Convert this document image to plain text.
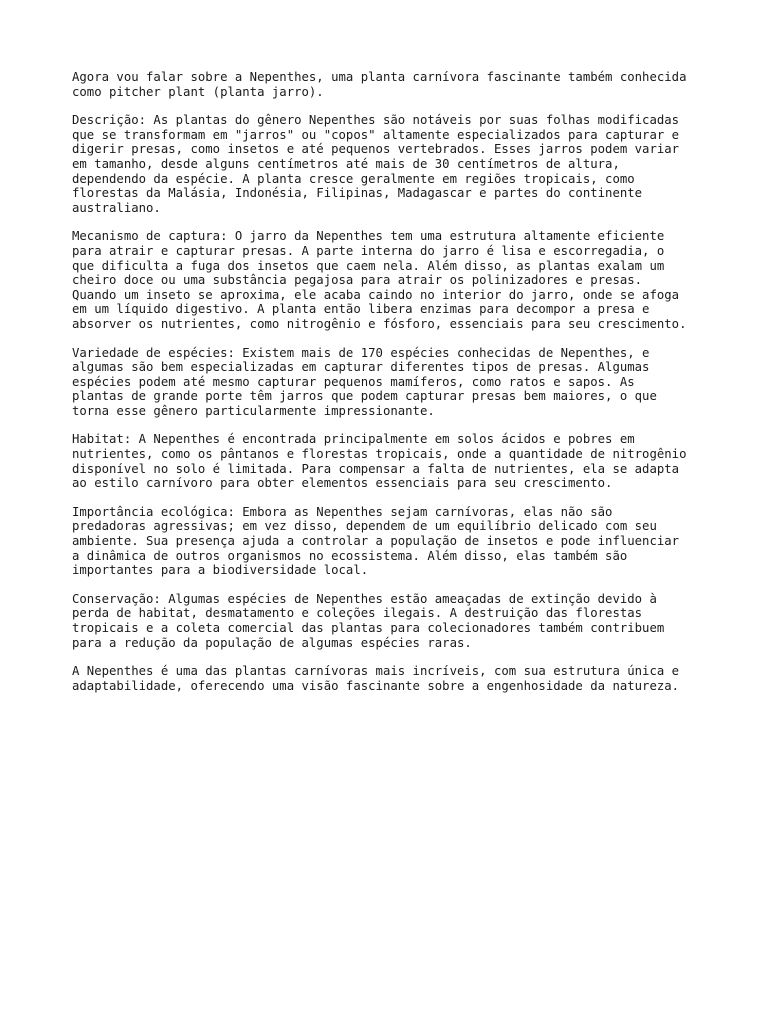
Agora vou falar sobre a Nepenthes, uma planta carnívora fascinante também conhecida
como pitcher plant (planta jarro).

Descrição: As plantas do gênero Nepenthes são notáveis por suas folhas modificadas
que se transformam em "jarros" ou "copos" altamente especializados para capturar e
digerir presas, como insetos e até pequenos vertebrados. Esses jarros podem variar
em tamanho, desde alguns centímetros até mais de 30 centímetros de altura,
dependendo da espécie. A planta cresce geralmente em regiões tropicais, como
florestas da Malásia, Indonésia, Filipinas, Madagascar e partes do continente
australiano.

Mecanismo de captura: O jarro da Nepenthes tem uma estrutura altamente eficiente
para atrair e capturar presas. A parte interna do jarro é lisa e escorregadia, o
que dificulta a fuga dos insetos que caem nela. Além disso, as plantas exalam um
cheiro doce ou uma substância pegajosa para atrair os polinizadores e presas.
Quando um inseto se aproxima, ele acaba caindo no interior do jarro, onde se afoga
em um líquido digestivo. A planta então libera enzimas para decompor a presa e
absorver os nutrientes, como nitrogênio e fósforo, essenciais para seu crescimento.

Variedade de espécies: Existem mais de 170 espécies conhecidas de Nepenthes, e
algumas são bem especializadas em capturar diferentes tipos de presas. Algumas
espécies podem até mesmo capturar pequenos mamíferos, como ratos e sapos. As
plantas de grande porte têm jarros que podem capturar presas bem maiores, o que
torna esse gênero particularmente impressionante.

Habitat: A Nepenthes é encontrada principalmente em solos ácidos e pobres em
nutrientes, como os pântanos e florestas tropicais, onde a quantidade de nitrogênio
disponível no solo é limitada. Para compensar a falta de nutrientes, ela se adapta
ao estilo carnívoro para obter elementos essenciais para seu crescimento.

Importância ecológica: Embora as Nepenthes sejam carnívoras, elas não são
predadoras agressivas; em vez disso, dependem de um equilíbrio delicado com seu
ambiente. Sua presença ajuda a controlar a população de insetos e pode influenciar
a dinâmica de outros organismos no ecossistema. Além disso, elas também são
importantes para a biodiversidade local.

Conservação: Algumas espécies de Nepenthes estão ameaçadas de extinção devido à
perda de habitat, desmatamento e coleções ilegais. A destruição das florestas
tropicais e a coleta comercial das plantas para colecionadores também contribuem
para a redução da população de algumas espécies raras.

A Nepenthes é uma das plantas carnívoras mais incríveis, com sua estrutura única e
adaptabilidade, oferecendo uma visão fascinante sobre a engenhosidade da natureza.
